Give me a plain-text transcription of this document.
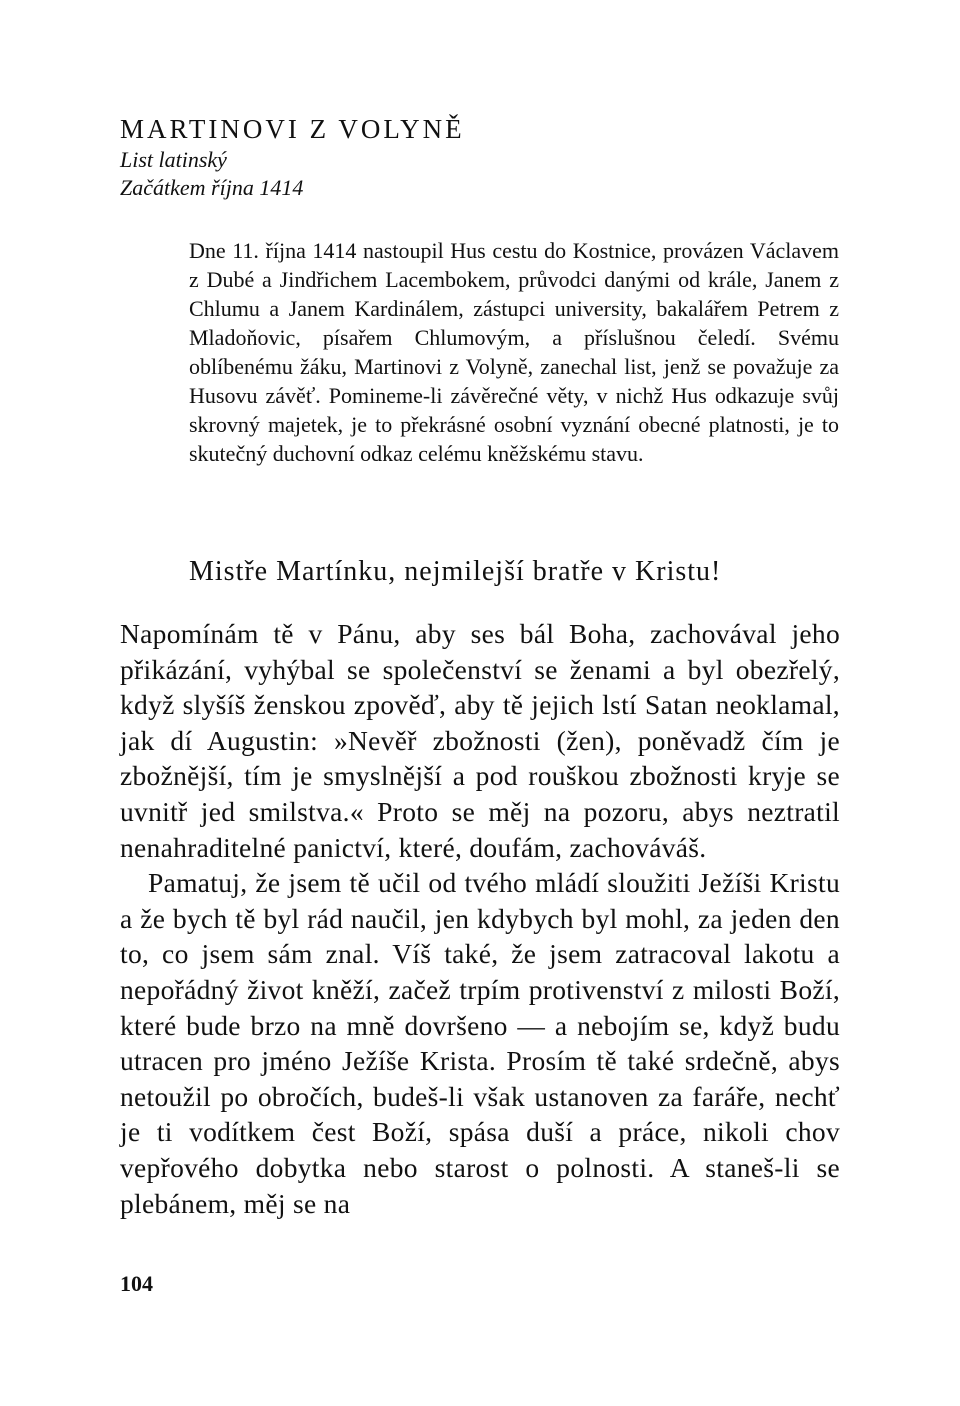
MARTINOVI Z VOLYNĚ

List latinský

Začátkem října 1414

Dne 11. října 1414 nastoupil Hus cestu do Kostnice, provázen Václavem z Dubé a Jindřichem Lacembokem, průvodci danými od krále, Janem z Chlumu a Janem Kardinálem, zástupci university, bakalářem Petrem z Mladoňovic, písařem Chlumovým, a příslušnou čeledí. Svému oblíbenému žáku, Martinovi z Volyně, zanechal list, jenž se považuje za Husovu závěť. Pomineme-li závěrečné věty, v nichž Hus odkazuje svůj skrovný majetek, je to překrásné osobní vyznání obecné platnosti, je to skutečný duchovní odkaz celému kněžskému stavu.

Mistře Martínku, nejmilejší bratře v Kristu!

Napomínám tě v Pánu, aby ses bál Boha, zachovával jeho přikázání, vyhýbal se společenství se ženami a byl obezřelý, když slyšíš ženskou zpověď, aby tě jejich lstí Satan neoklamal, jak dí Augustin: »Nevěř zbožnosti (žen), poněvadž čím je zbožnější, tím je smyslnější a pod rouškou zbožnosti kryje se uvnitř jed smilstva.« Proto se měj na pozoru, abys neztratil nenahraditelné panictví, které, doufám, zachováváš.

Pamatuj, že jsem tě učil od tvého mládí sloužiti Ježíši Kristu a že bych tě byl rád naučil, jen kdybych byl mohl, za jeden den to, co jsem sám znal. Víš také, že jsem zatracoval lakotu a nepořádný život kněží, začež trpím protivenství z milosti Boží, které bude brzo na mně dovršeno — a nebojím se, když budu utracen pro jméno Ježíše Krista. Prosím tě také srdečně, abys netoužil po obročích, budeš-li však ustanoven za faráře, nechť je ti vodítkem čest Boží, spása duší a práce, nikoli chov vepřového dobytka nebo starost o polnosti. A staneš-li se plebánem, měj se na

104
